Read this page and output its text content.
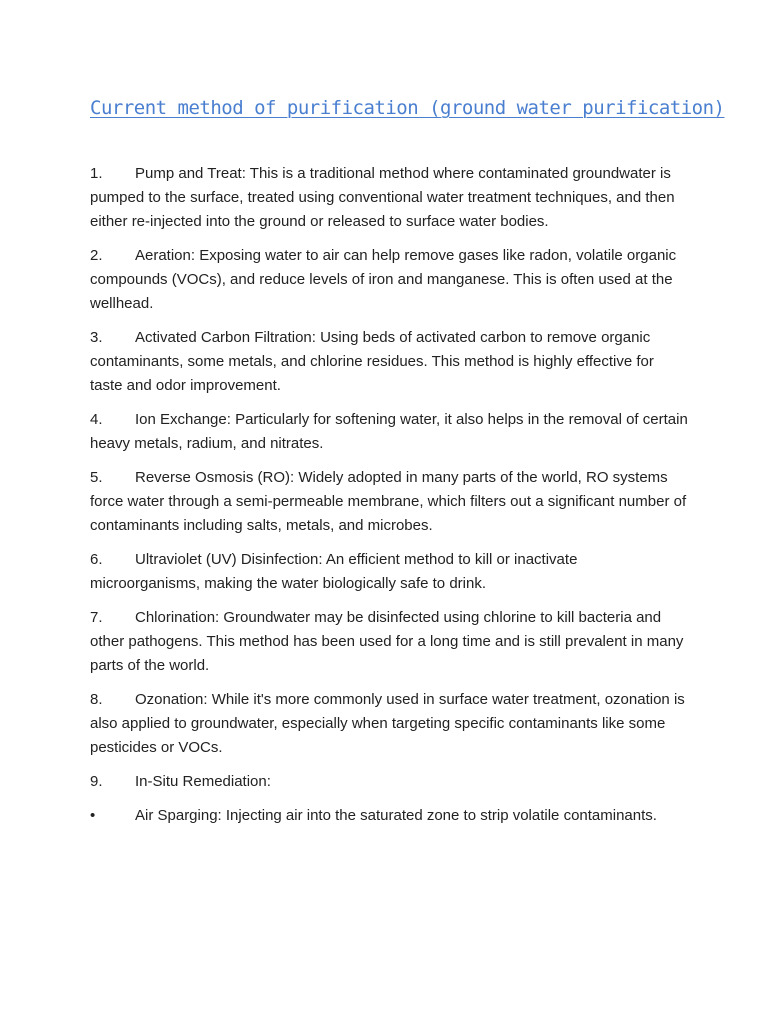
Current method of purification (ground water purification)

1. Pump and Treat: This is a traditional method where contaminated groundwater is pumped to the surface, treated using conventional water treatment techniques, and then either re-injected into the ground or released to surface water bodies.

2. Aeration: Exposing water to air can help remove gases like radon, volatile organic compounds (VOCs), and reduce levels of iron and manganese. This is often used at the wellhead.

3. Activated Carbon Filtration: Using beds of activated carbon to remove organic contaminants, some metals, and chlorine residues. This method is highly effective for taste and odor improvement.

4. Ion Exchange: Particularly for softening water, it also helps in the removal of certain heavy metals, radium, and nitrates.

5. Reverse Osmosis (RO): Widely adopted in many parts of the world, RO systems force water through a semi-permeable membrane, which filters out a significant number of contaminants including salts, metals, and microbes.

6. Ultraviolet (UV) Disinfection: An efficient method to kill or inactivate microorganisms, making the water biologically safe to drink.

7. Chlorination: Groundwater may be disinfected using chlorine to kill bacteria and other pathogens. This method has been used for a long time and is still prevalent in many parts of the world.

8. Ozonation: While it's more commonly used in surface water treatment, ozonation is also applied to groundwater, especially when targeting specific contaminants like some pesticides or VOCs.

9. In-Situ Remediation:

•	Air Sparging: Injecting air into the saturated zone to strip volatile contaminants.
